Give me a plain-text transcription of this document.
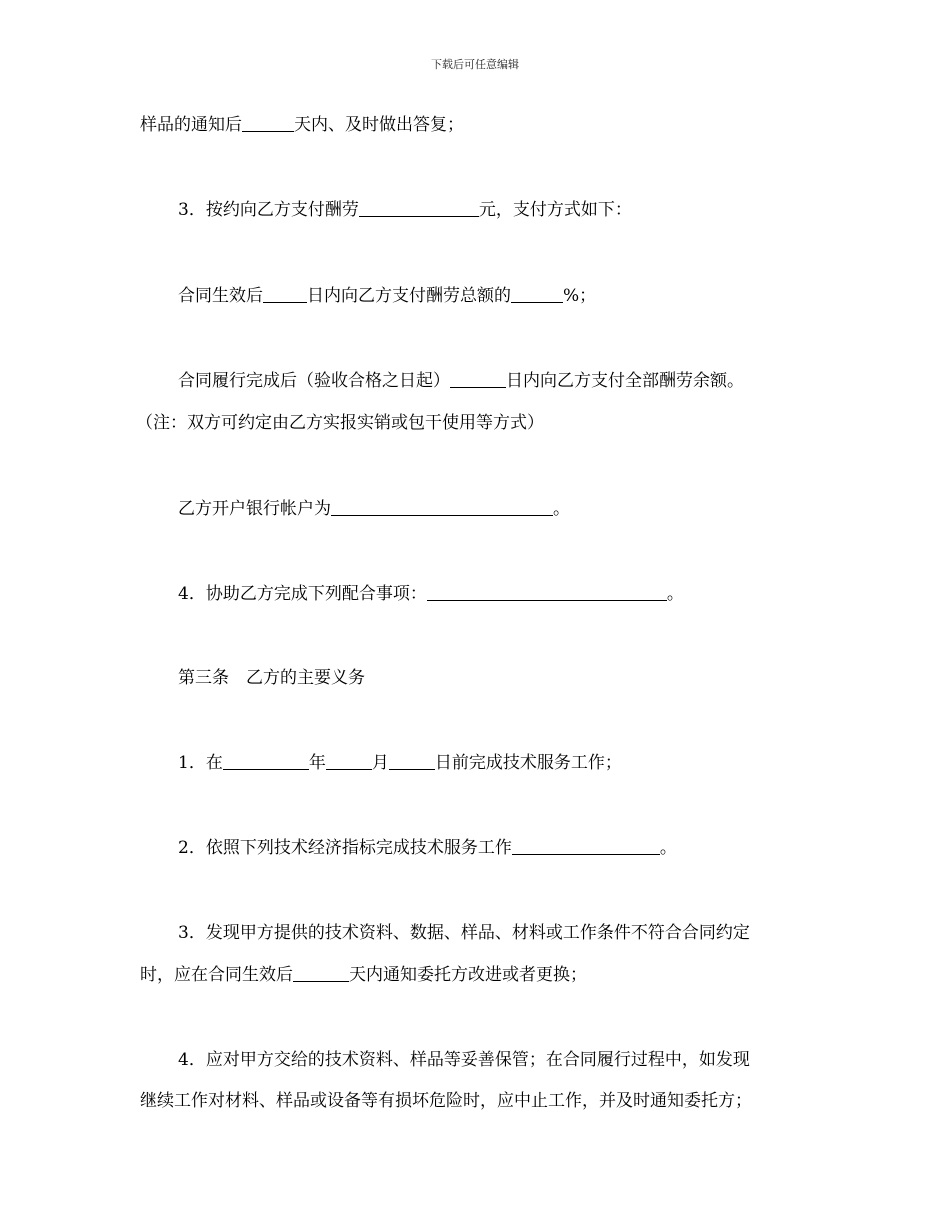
下载后可任意编辑
样品的通知后	天内、及时做出答复；
3．按约向乙方支付酬劳	元，支付方式如下：
合同生效后	日内向乙方支付酬劳总额的	%；
合同履行完成后（验收合格之日起）	日内向乙方支付全部酬劳余额。
（注：双方可约定由乙方实报实销或包干使用等方式）
乙方开户银行帐户为	。
4．协助乙方完成下列配合事项：	。
第三条　乙方的主要义务
1．在	年	月	日前完成技术服务工作；
2．依照下列技术经济指标完成技术服务工作	。
3．发现甲方提供的技术资料、数据、样品、材料或工作条件不符合合同约定
时，应在合同生效后	天内通知委托方改进或者更换；
4．应对甲方交给的技术资料、样品等妥善保管；在合同履行过程中，如发现
继续工作对材料、样品或设备等有损坏危险时，应中止工作，并及时通知委托方；
